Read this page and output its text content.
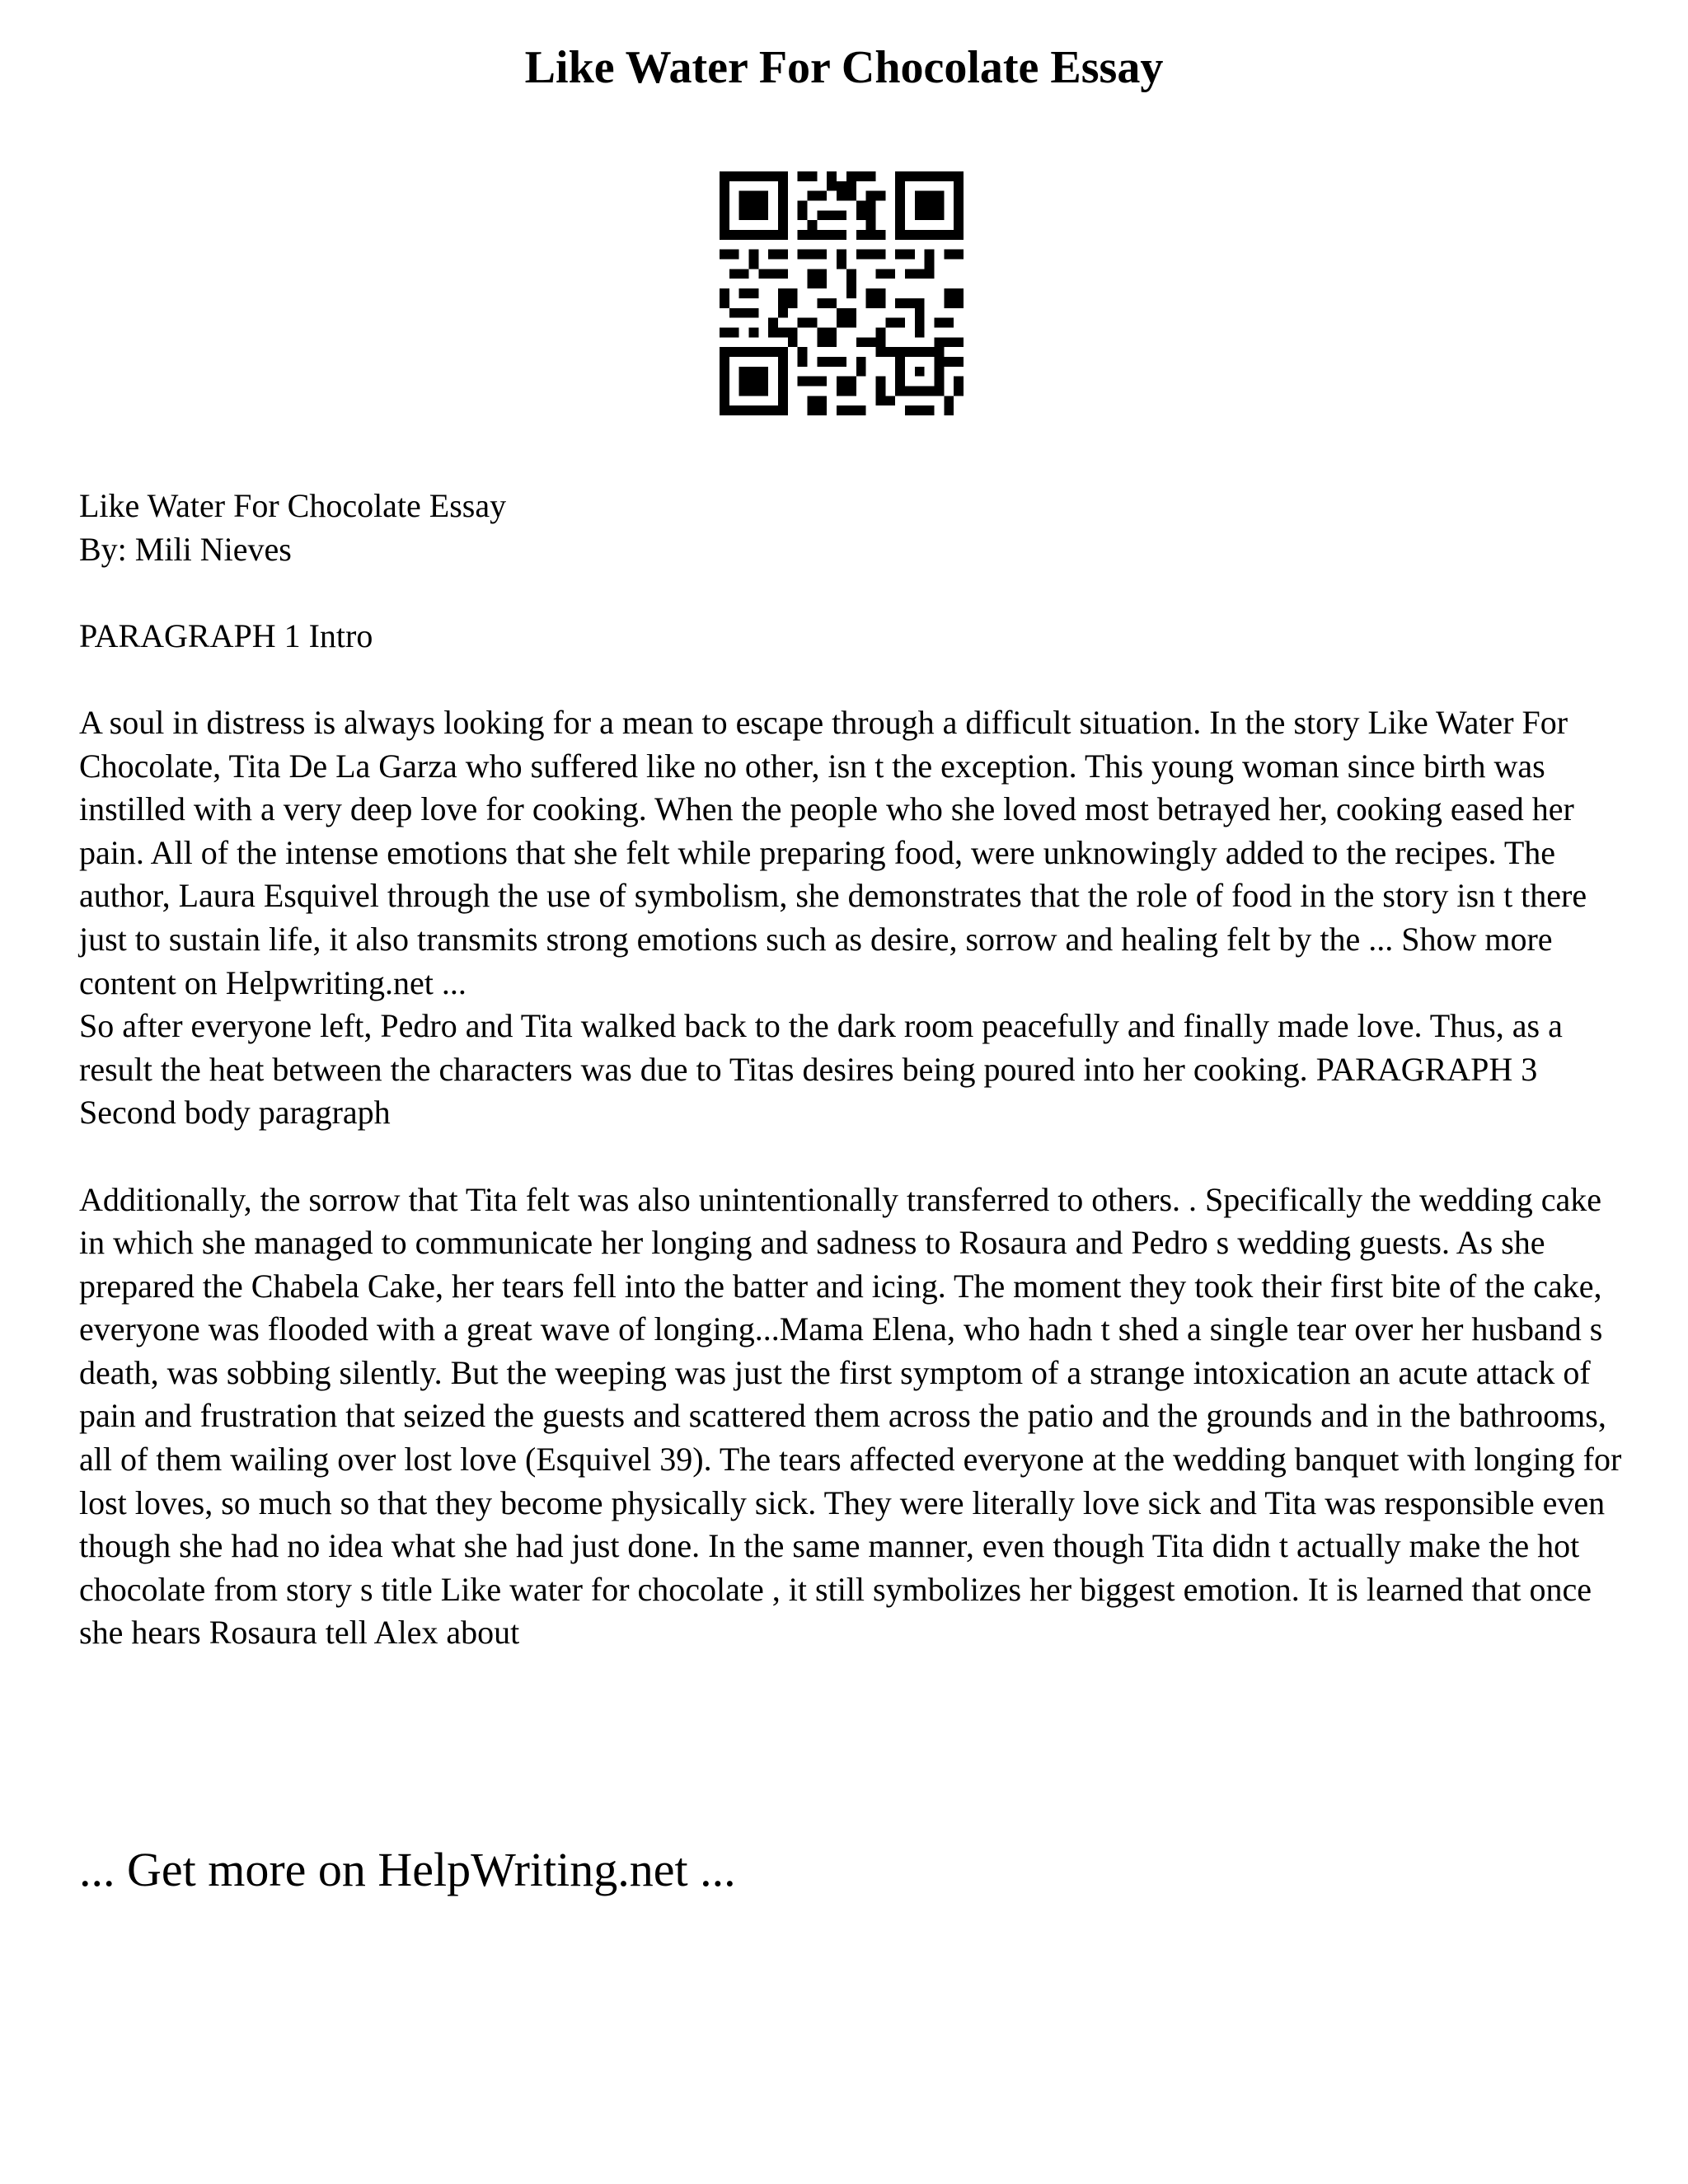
Like Water For Chocolate Essay

Like Water For Chocolate Essay

By: Mili Nieves

PARAGRAPH 1 Intro

A soul in distress is always looking for a mean to escape through a difficult situation. In the story Like Water For Chocolate, Tita De La Garza who suffered like no other, isn t the exception. This young woman since birth was instilled with a very deep love for cooking. When the people who she loved most betrayed her, cooking eased her pain. All of the intense emotions that she felt while preparing food, were unknowingly added to the recipes. The author, Laura Esquivel through the use of symbolism, she demonstrates that the role of food in the story isn t there just to sustain life, it also transmits strong emotions such as desire, sorrow and healing felt by the ... Show more content on Helpwriting.net ...

So after everyone left, Pedro and Tita walked back to the dark room peacefully and finally made love. Thus, as a result the heat between the characters was due to Titas desires being poured into her cooking. PARAGRAPH 3 Second body paragraph

Additionally, the sorrow that Tita felt was also unintentionally transferred to others. . Specifically the wedding cake in which she managed to communicate her longing and sadness to Rosaura and Pedro s wedding guests. As she prepared the Chabela Cake, her tears fell into the batter and icing. The moment they took their first bite of the cake, everyone was flooded with a great wave of longing...Mama Elena, who hadn t shed a single tear over her husband s death, was sobbing silently. But the weeping was just the first symptom of a strange intoxication an acute attack of pain and frustration that seized the guests and scattered them across the patio and the grounds and in the bathrooms, all of them wailing over lost love (Esquivel 39). The tears affected everyone at the wedding banquet with longing for lost loves, so much so that they become physically sick. They were literally love sick and Tita was responsible even though she had no idea what she had just done. In the same manner, even though Tita didn t actually make the hot chocolate from story s title Like water for chocolate , it still symbolizes her biggest emotion. It is learned that once she hears Rosaura tell Alex about

... Get more on HelpWriting.net ...
